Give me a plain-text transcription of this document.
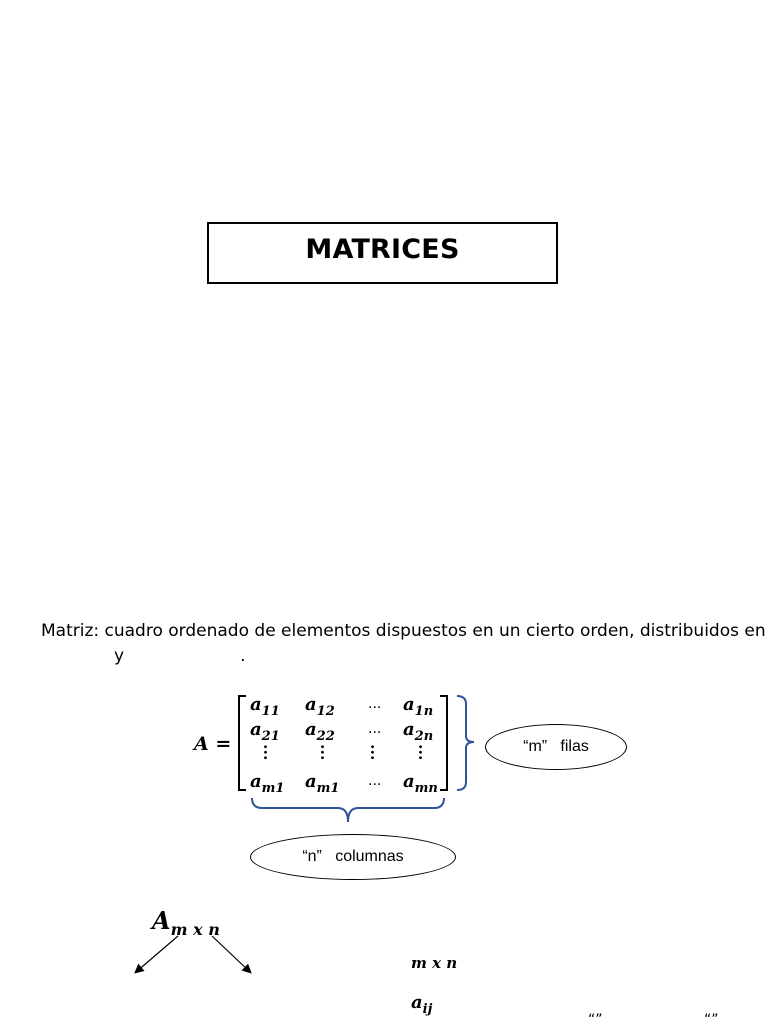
MATRICES
Matriz: cuadro ordenado de elementos dispuestos en un cierto orden, distribuidos en
y	.
A =
$a_{11}$ $a_{12}$ ... $a_{1n}$
$a_{21}$ $a_{22}$ ... $a_{2n}$
$a_{m1}$ $a_{m1}$ ... $a_{mn}$
“m”   filas
“n”   columnas
$A_{m x n}$
m x n
$a_{ij}$
“”	“”
